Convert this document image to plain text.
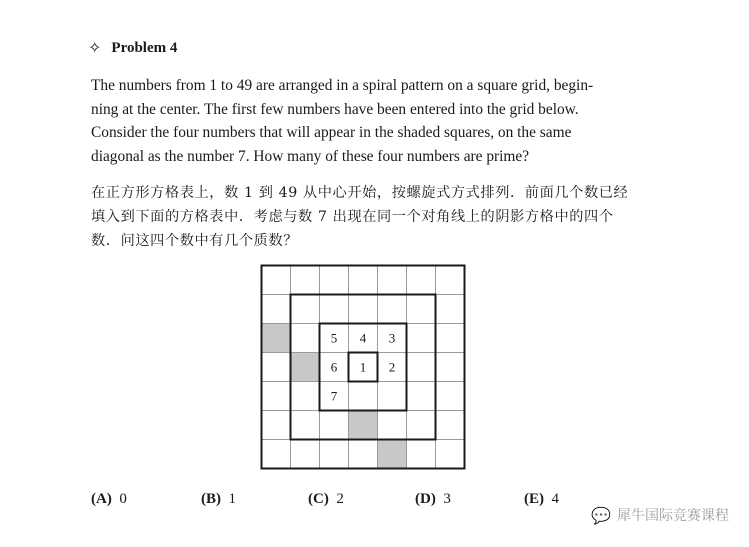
✧ Problem 4
The numbers from 1 to 49 are arranged in a spiral pattern on a square grid, begin-
ning at the center. The first few numbers have been entered into the grid below.
Consider the four numbers that will appear in the shaded squares, on the same
diagonal as the number 7. How many of these four numbers are prime?
在正方形方格表上，数 1 到 49 从中心开始，按螺旋式方式排列．前面几个数已经
填入到下面的方格表中．考虑与数 7 出现在同一个对角线上的阴影方格中的四个
数．问这四个数中有几个质数？
5 4 3
6 1 2
7
(A) 0	(B) 1	(C) 2	(D) 3	(E) 4
💬 犀牛国际竞赛课程
